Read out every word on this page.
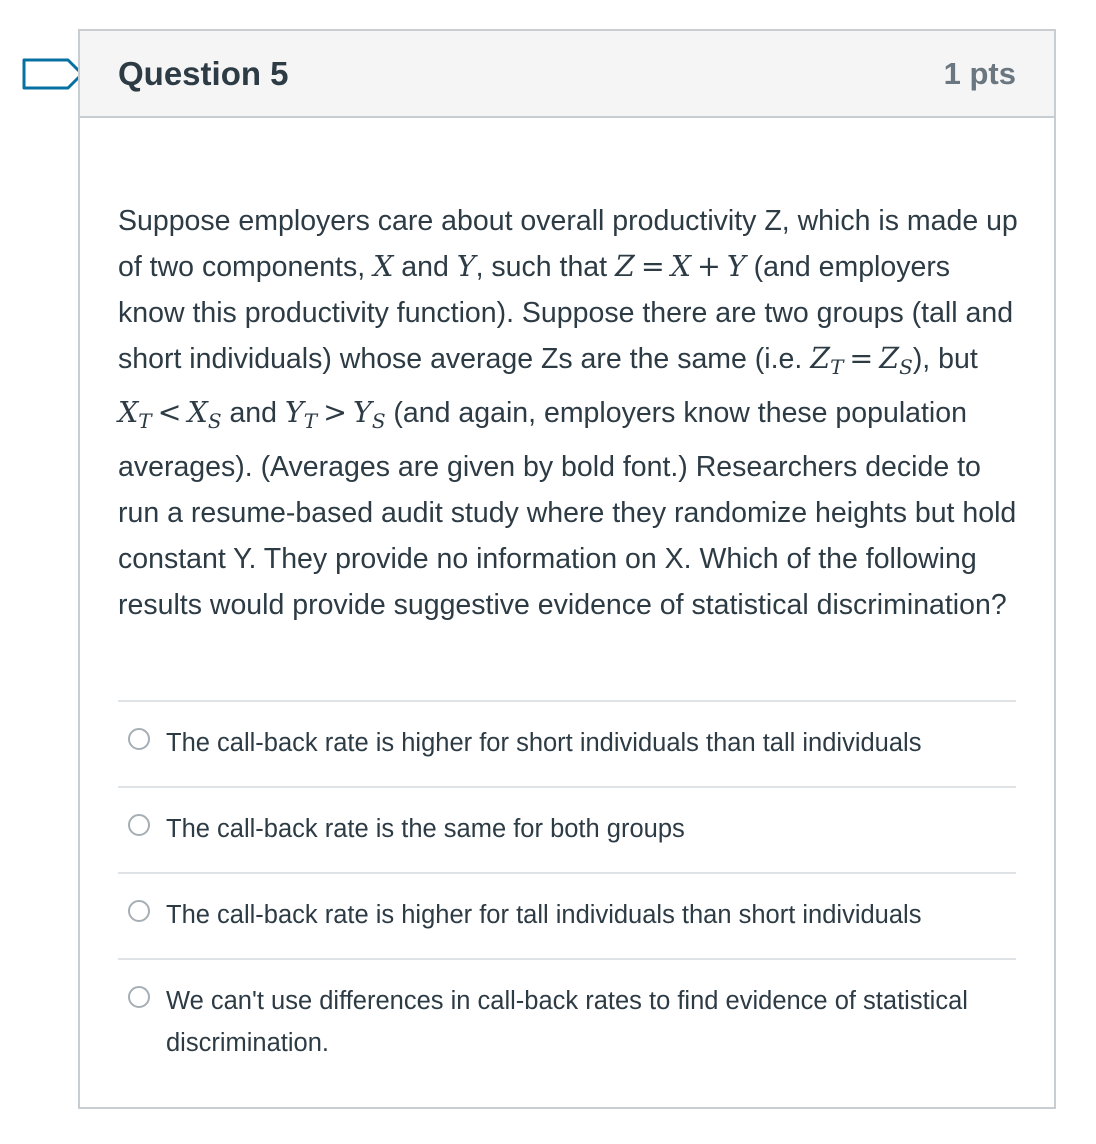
Question 5	1 pts
Suppose employers care about overall productivity Z, which is made up of two components, X and Y, such that Z = X + Y (and employers know this productivity function). Suppose there are two groups (tall and short individuals) whose average Zs are the same (i.e. $Z_T = Z_S$), but $X_T < X_S$ and $Y_T > Y_S$ (and again, employers know these population averages). (Averages are given by bold font.) Researchers decide to run a resume-based audit study where they randomize heights but hold constant Y. They provide no information on X. Which of the following results would provide suggestive evidence of statistical discrimination?
The call-back rate is higher for short individuals than tall individuals
The call-back rate is the same for both groups
The call-back rate is higher for tall individuals than short individuals
We can't use differences in call-back rates to find evidence of statistical discrimination.
